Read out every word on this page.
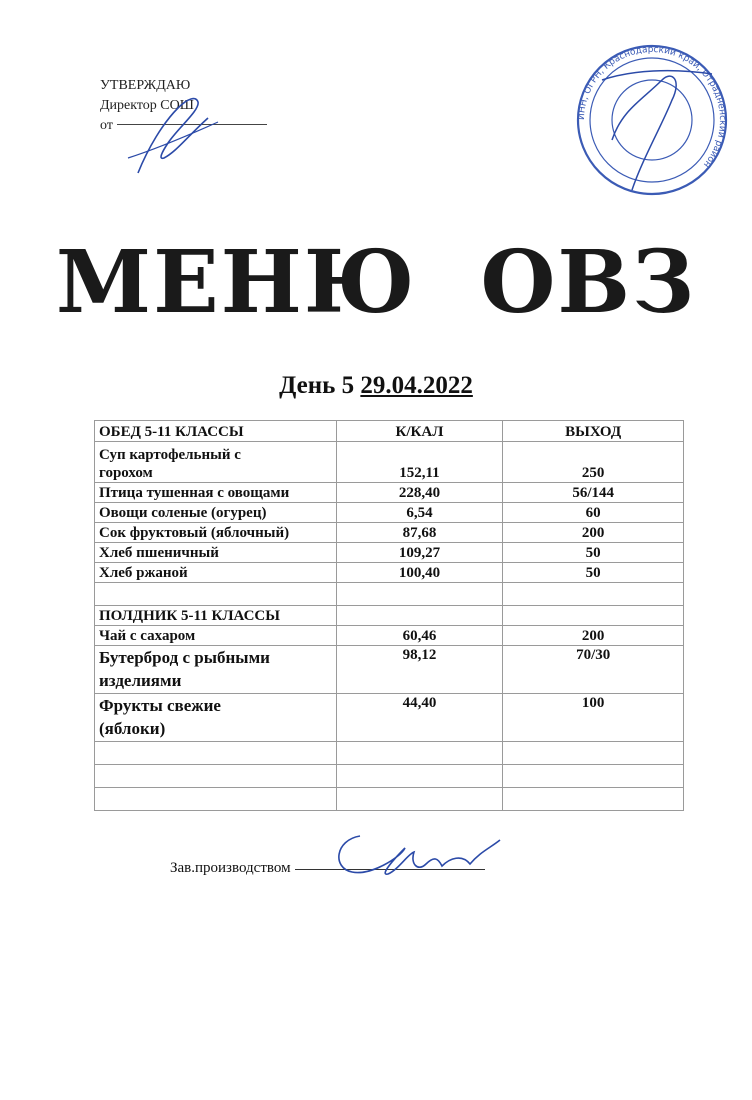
УТВЕРЖДАЮ
Директор СОШ
от
ИНН, ОГРН, Краснодарский край, Отрадненский район
МЕНЮ ОВЗ
День 5 29.04.2022
ОБЕД 5-11 КЛАССЫ	К/КАЛ	ВЫХОД
Суп картофельный с
горохом	152,11	250
Птица тушенная с овощами	228,40	56/144
Овощи соленые (огурец)	6,54	60
Сок фруктовый (яблочный)	87,68	200
Хлеб пшеничный	109,27	50
Хлеб ржаной	100,40	50

ПОЛДНИК 5-11 КЛАССЫ		
Чай с сахаром	60,46	200
Бутерброд с рыбными
изделиями	98,12	70/30
Фрукты свежие
(яблоки)	44,40	100

Зав.производством
